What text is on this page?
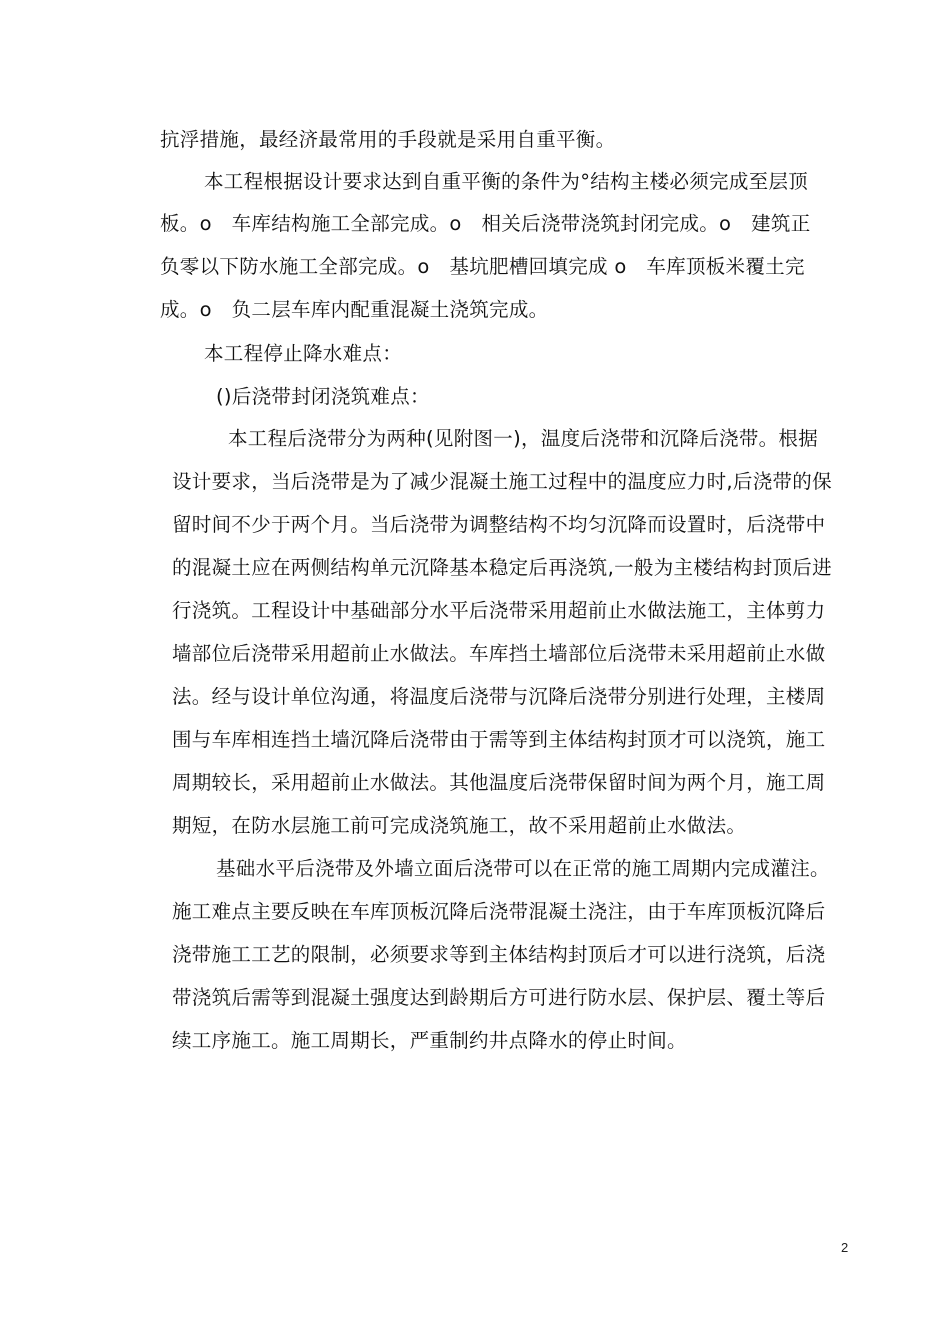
抗浮措施，最经济最常用的手段就是采用自重平衡。
本工程根据设计要求达到自重平衡的条件为°结构主楼必须完成至层顶
板。o　车库结构施工全部完成。o　相关后浇带浇筑封闭完成。o　建筑正
负零以下防水施工全部完成。o　基坑肥槽回填完成 o　车库顶板米覆土完
成。o　负二层车库内配重混凝土浇筑完成。
本工程停止降水难点：
()后浇带封闭浇筑难点：
本工程后浇带分为两种(见附图一)，温度后浇带和沉降后浇带。根据
设计要求，当后浇带是为了减少混凝土施工过程中的温度应力时,后浇带的保
留时间不少于两个月。当后浇带为调整结构不均匀沉降而设置时，后浇带中
的混凝土应在两侧结构单元沉降基本稳定后再浇筑,一般为主楼结构封顶后进
行浇筑。工程设计中基础部分水平后浇带采用超前止水做法施工，主体剪力
墙部位后浇带采用超前止水做法。车库挡土墙部位后浇带未采用超前止水做
法。经与设计单位沟通，将温度后浇带与沉降后浇带分别进行处理，主楼周
围与车库相连挡土墙沉降后浇带由于需等到主体结构封顶才可以浇筑，施工
周期较长，采用超前止水做法。其他温度后浇带保留时间为两个月，施工周
期短，在防水层施工前可完成浇筑施工，故不采用超前止水做法。
基础水平后浇带及外墙立面后浇带可以在正常的施工周期内完成灌注。
施工难点主要反映在车库顶板沉降后浇带混凝土浇注，由于车库顶板沉降后
浇带施工工艺的限制，必须要求等到主体结构封顶后才可以进行浇筑，后浇
带浇筑后需等到混凝土强度达到龄期后方可进行防水层、保护层、覆土等后
续工序施工。施工周期长，严重制约井点降水的停止时间。
2
